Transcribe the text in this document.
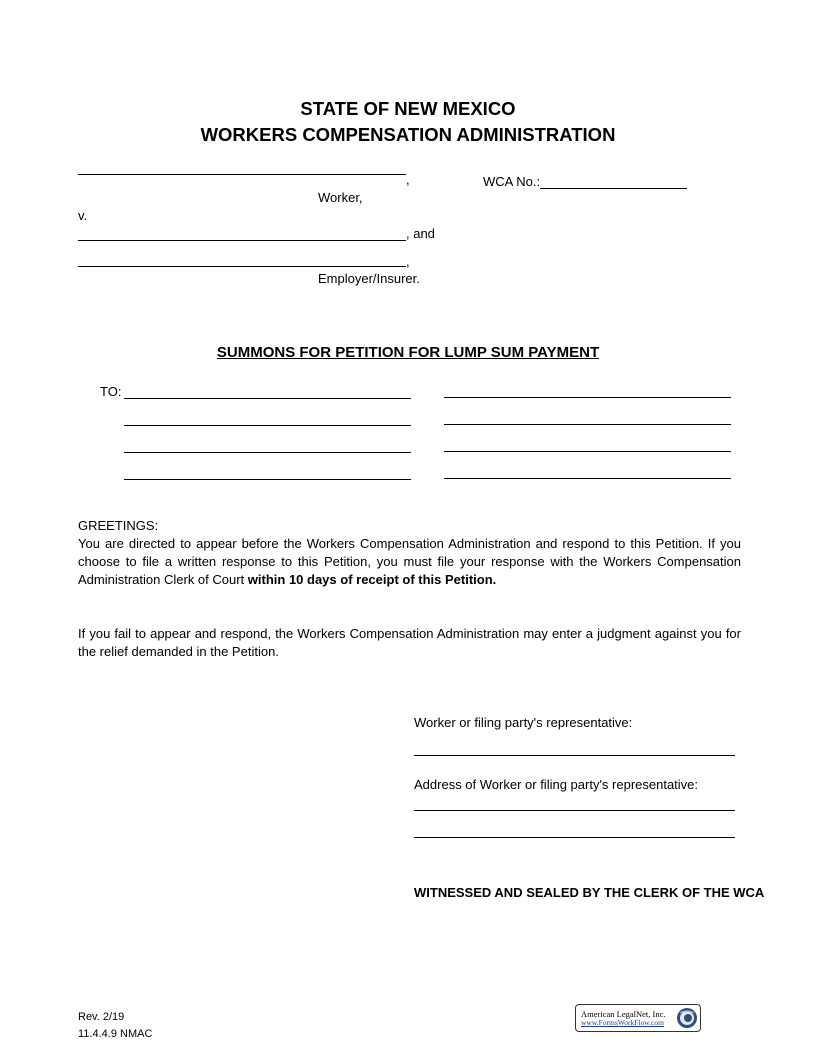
STATE OF NEW MEXICO
WORKERS COMPENSATION ADMINISTRATION
,	WCA No.:
Worker,
v.
, and
,
Employer/Insurer.
SUMMONS FOR PETITION FOR LUMP SUM PAYMENT
TO:
GREETINGS:
You are directed to appear before the Workers Compensation Administration and respond to this Petition. If you choose to file a written response to this Petition, you must file your response with the Workers Compensation Administration Clerk of Court within 10 days of receipt of this Petition.
If you fail to appear and respond, the Workers Compensation Administration may enter a judgment against you for the relief demanded in the Petition.
Worker or filing party's representative:
Address of Worker or filing party's representative:
WITNESSED AND SEALED BY THE CLERK OF THE WCA
Rev. 2/19
11.4.4.9 NMAC
American LegalNet, Inc.
www.FormsWorkFlow.com
